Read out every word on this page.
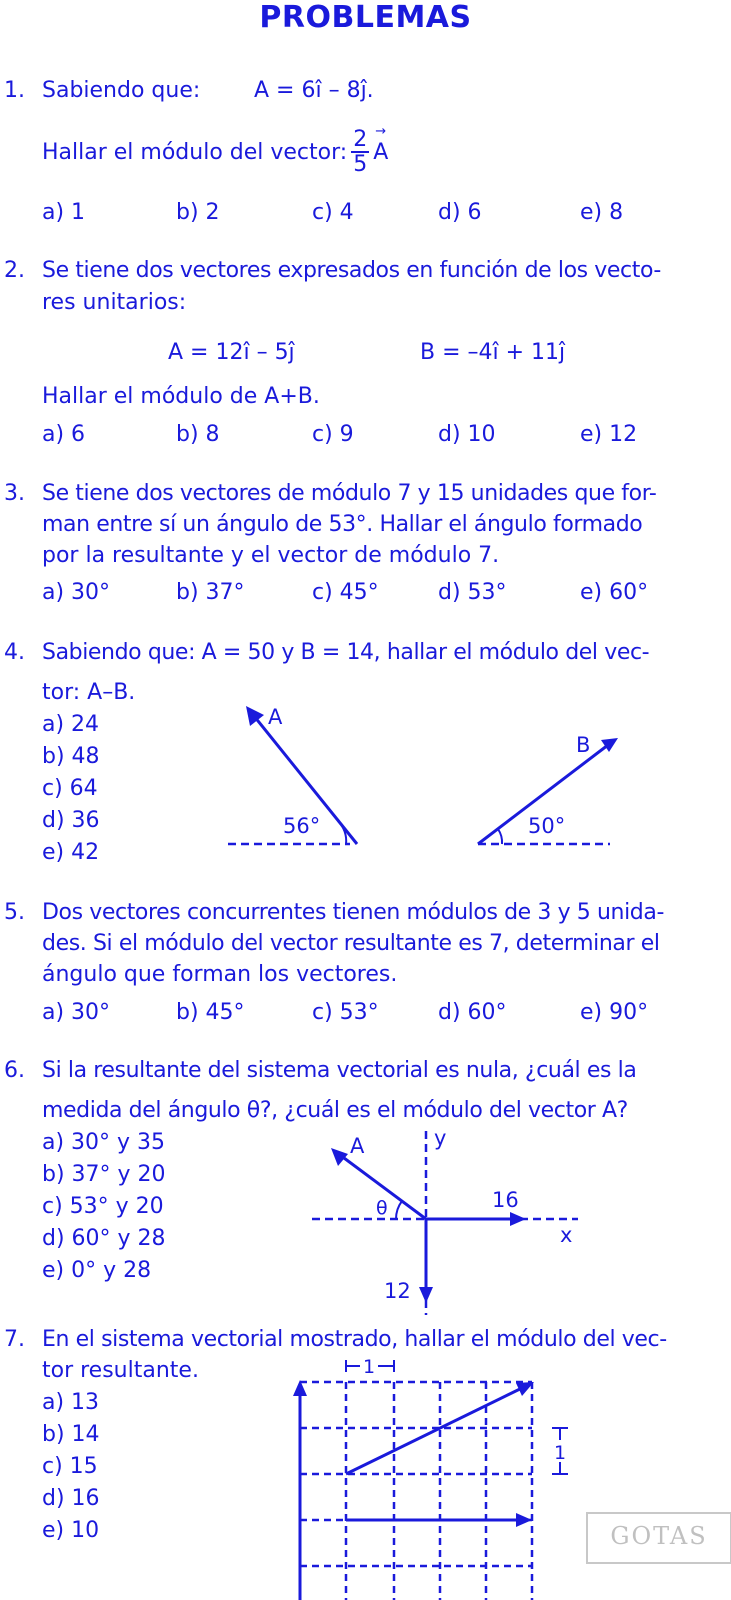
PROBLEMAS
1. Sabiendo que: A = 6î – 8ĵ.
Hallar el módulo del vector: $\frac{2}{5}$
→ A
a) 1	b) 2	c) 4	d) 6	e) 8
2. Se tiene dos vectores expresados en función de los vecto-
res unitarios:
A = 12î – 5ĵ	B = –4î + 11ĵ
Hallar el módulo de A+B.
a) 6	b) 8	c) 9	d) 10	e) 12
3. Se tiene dos vectores de módulo 7 y 15 unidades que for-
man entre sí un ángulo de 53°. Hallar el ángulo formado
por la resultante y el vector de módulo 7.
a) 30°	b) 37°	c) 45°	d) 53°	e) 60°
4. Sabiendo que: A = 50 y B = 14, hallar el módulo del vec-
tor: A–B.
a) 24
b) 48
c) 64
d) 36
e) 42
A
56°
B
50°
5. Dos vectores concurrentes tienen módulos de 3 y 5 unida-
des. Si el módulo del vector resultante es 7, determinar el
ángulo que forman los vectores.
a) 30°	b) 45°	c) 53°	d) 60°	e) 90°
6. Si la resultante del sistema vectorial es nula, ¿cuál es la
medida del ángulo θ?, ¿cuál es el módulo del vector A?
a) 30° y 35
b) 37° y 20
c) 53° y 20
d) 60° y 28
e) 0° y 28
A
θ
y
x
16
12
7. En el sistema vectorial mostrado, hallar el módulo del vec-
tor resultante.
a) 13
b) 14
c) 15
d) 16
e) 10
1
1
GOTAS
